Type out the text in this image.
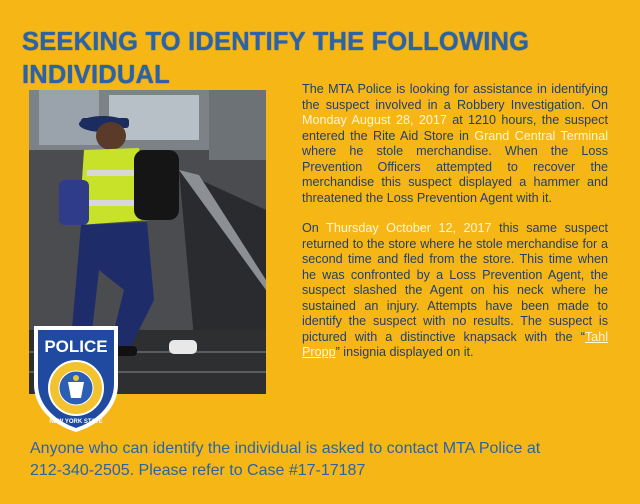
SEEKING TO IDENTIFY THE FOLLOWING INDIVIDUAL
POLICE
NEW YORK STATE

The MTA Police is looking for assistance in identifying the suspect involved in a Robbery Investigation. On Monday August 28, 2017 at 1210 hours, the suspect entered the Rite Aid Store in Grand Central Terminal where he stole merchandise. When the Loss Prevention Officers attempted to recover the merchandise this suspect displayed a hammer and threatened the Loss Prevention Agent with it.

On Thursday October 12, 2017 this same suspect returned to the store where he stole merchandise for a second time and fled from the store. This time when he was confronted by a Loss Prevention Agent, the suspect slashed the Agent on his neck where he sustained an injury. Attempts have been made to identify the suspect with no results. The suspect is pictured with a distinctive knapsack with the “Tahl Propp” insignia displayed on it.

Anyone who can identify the individual is asked to contact MTA Police at
212-340-2505. Please refer to Case #17-17187
